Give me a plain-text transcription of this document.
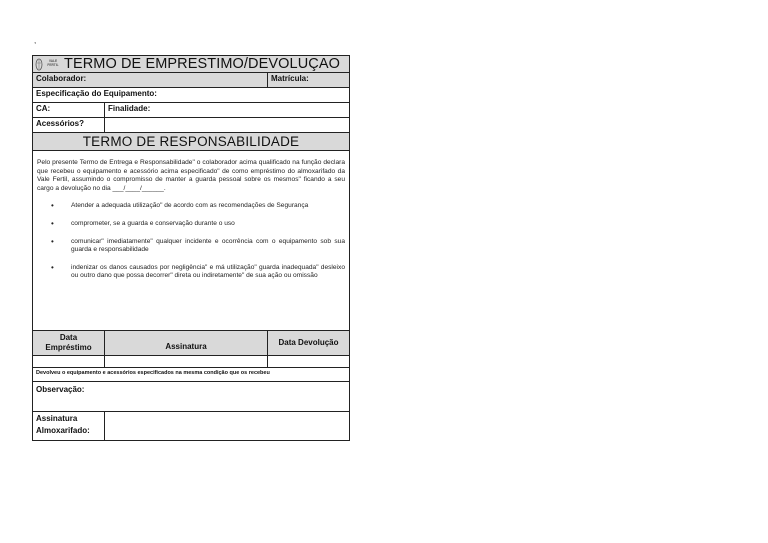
,
VALE FERTIL TERMO DE EMPRESTIMO/DEVOLUÇAO
Colaborador:	Matrícula:
Especificação do Equipamento:
CA:	Finalidade:
Acessórios?
TERMO DE RESPONSABILIDADE

Pelo presente Termo de Entrega e Responsabilidade" o colaborador acima qualificado na função declara que recebeu o equipamento e acessório acima especificado" de como empréstimo do almoxarifado da Vale Fertil, assumindo o compromisso de manter a guarda pessoal sobre os mesmos" ficando a seu cargo a devolução no dia ___/____/______.

• Atender a adequada utilização" de acordo com as recomendações de Segurança
• comprometer, se a guarda e conservação durante o uso
• comunicar" imediatamente" qualquer incidente e ocorrência com o equipamento sob sua guarda e responsabilidade
• indenizar os danos causados por negligência" e má utilização" guarda inadequada" desleixo ou outro dano que possa decorrer" direta ou indiretamente" de sua ação ou omissão
Data Empréstimo	Assinatura	Data Devolução
Devolveu o equipamento e acessórios especificados na mesma condição que os recebeu
Observação:
Assinatura Almoxarifado:
